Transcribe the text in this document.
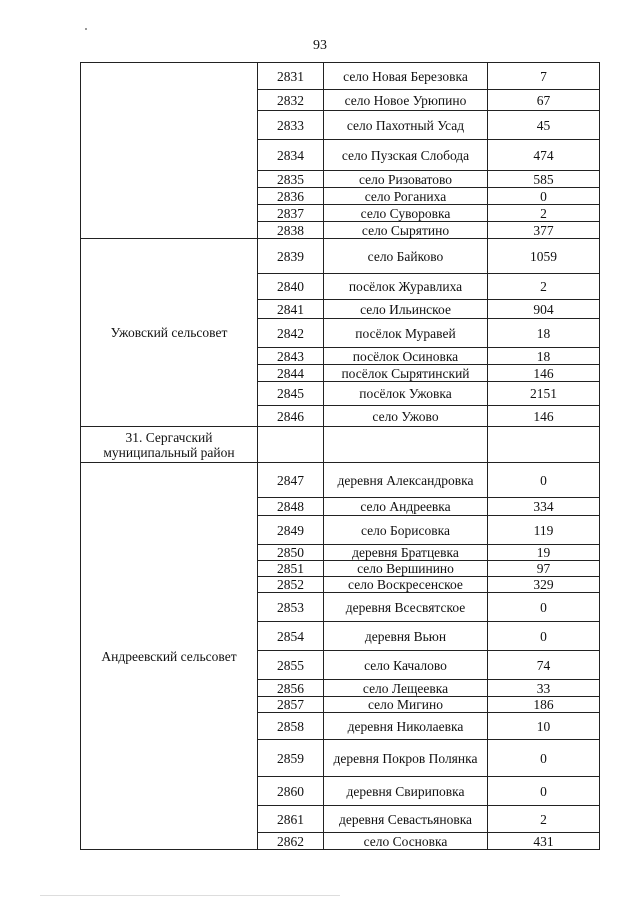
93
	2831	село Новая Березовка	7
	2832	село Новое Урюпино	67
	2833	село Пахотный Усад	45
	2834	село Пузская Слобода	474
	2835	село Ризоватово	585
	2836	село Роганиха	0
	2837	село Суворовка	2
	2838	село Сырятино	377
Ужовский сельсовет	2839	село Байково	1059
	2840	посёлок Журавлиха	2
	2841	село Ильинское	904
	2842	посёлок Муравей	18
	2843	посёлок Осиновка	18
	2844	посёлок Сырятинский	146
	2845	посёлок Ужовка	2151
	2846	село Ужово	146
31. Сергачский муниципальный район			
Андреевский сельсовет	2847	деревня Александровка	0
	2848	село Андреевка	334
	2849	село Борисовка	119
	2850	деревня Братцевка	19
	2851	село Вершинино	97
	2852	село Воскресенское	329
	2853	деревня Всесвятское	0
	2854	деревня Вьюн	0
	2855	село Качалово	74
	2856	село Лещеевка	33
	2857	село Мигино	186
	2858	деревня Николаевка	10
	2859	деревня Покров Полянка	0
	2860	деревня Свириповка	0
	2861	деревня Севастьяновка	2
	2862	село Сосновка	431
